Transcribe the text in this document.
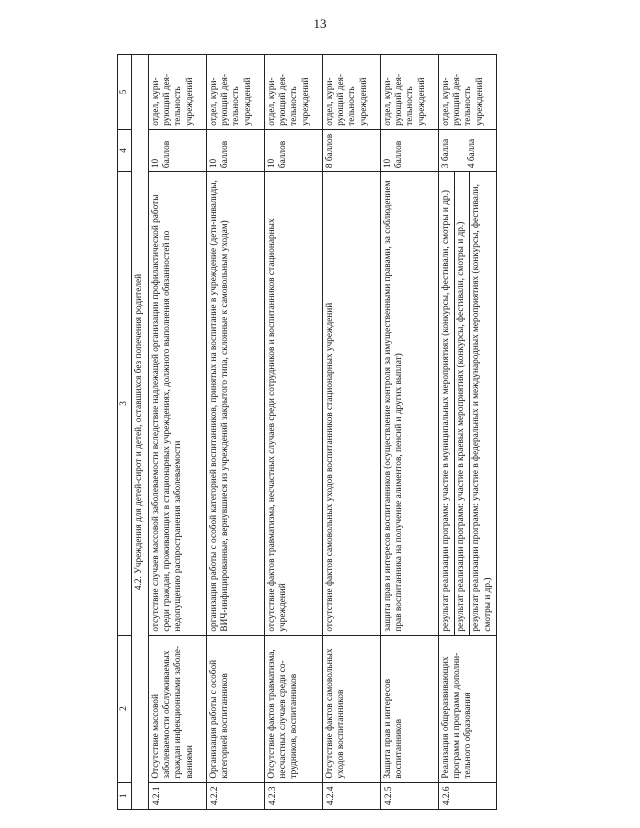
13
1	2	3	4	5
4.2. Учреждения для детей-сирот и детей, оставшихся без попечения родителей				
4.2.1	Отсутствие массовой заболеваемости обслуживаемых граждан инфекционными заболеваниями	отсутствие случаев массовой заболеваемости вследствие надлежащей организации профилактической работы среди граждан, проживающих в стационарных учреждениях, должного выполнения обязанностей по недопущению распространения заболеваемости	10 баллов	отдел, курирующий деятельность учреждений
4.2.2	Организация работы с особой категорией воспитанников	организация работы с особой категорией воспитанников, принятых на воспитание в учреждение (дети-инвалиды, ВИЧ-инфицированные, вернувшиеся из учреждений закрытого типа, склонные к самовольным уходам)	10 баллов	отдел, курирующий деятельность учреждений
4.2.3	Отсутствие фактов травматизма, несчастных случаев среди сотрудников, воспитанников	отсутствие фактов травматизма, несчастных случаев среди сотрудников и воспитанников стационарных учреждений	10 баллов	отдел, курирующий деятельность учреждений
4.2.4	Отсутствие фактов самовольных уходов воспитанников	отсутствие фактов самовольных уходов воспитанников стационарных учреждений	8 баллов	отдел, курирующий деятельность учреждений
4.2.5	Защита прав и интересов воспитанников	защита прав и интересов воспитанников (осуществление контроля за имущественными правами, за соблюдением прав воспитанника на получение алиментов, пенсий и других выплат)	10 баллов	отдел, курирующий деятельность учреждений
4.2.6	Реализация общеразвивающих программ и программ дополнительного образования	результат реализации программ: участие в муниципальных мероприятиях (конкурсы, фестивали, смотры и др.) результат реализации программ: участие в краевых мероприятиях (конкурсы, фестивали, смотры и др.) результат реализации программ: участие в федеральных и международных мероприятиях (конкурсы, фестивали, смотры и др.)	3 балла 4 балла	отдел, курирующий деятельность учреждений
